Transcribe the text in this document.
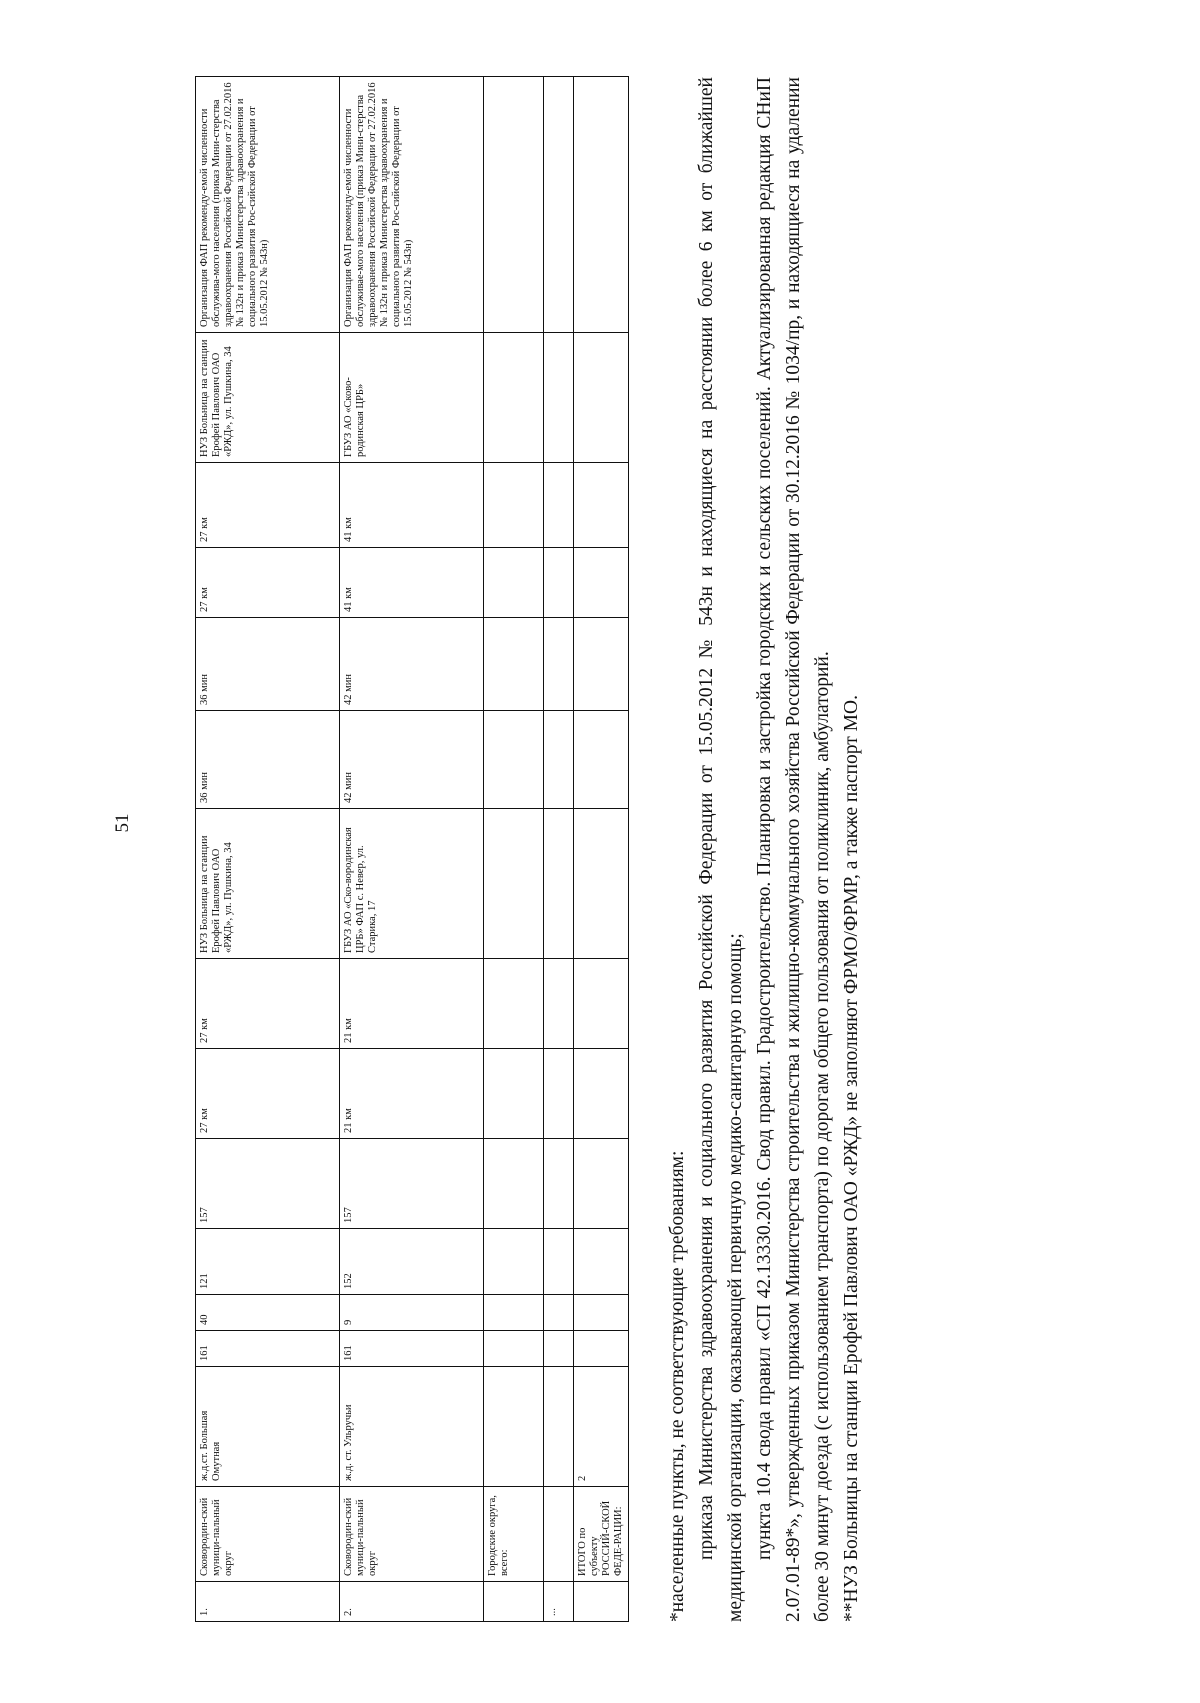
51
1.	Сковородин-ский муници-пальный округ	ж.д.ст. Большая Омутная	161	40	121	157	27 км	27 км	НУЗ Больница на станции Ерофей Павлович ОАО «РЖД», ул. Пушкина, 34	36 мин	36 мин	27 км	27 км	НУЗ Больница на станции Ерофей Павлович ОАО «РЖД», ул. Пушкина, 34	Организация ФАП рекоменду-емой численности обслужива-мого населения (приказ Мини-стерства здравоохранения Российской Федерации от 27.02.2016 № 132н и приказ Министерства здравоохранения и социального развития Рос-сийской Федерации от 15.05.2012 № 543н)
2.	Сковородин-ский муници-пальный округ	ж.д. ст. Ульручьи	161	9	152	157	21 км	21 км	ГБУЗ АО «Ско-вородинская ЦРБ» ФАП с. Невер, ул. Старика, 17	42 мин	42 мин	41 км	41 км	ГБУЗ АО «Сково-родинская ЦРБ»	Организация ФАП рекоменду-емой численности обслуживае-мого населения (приказ Мини-стерства здравоохранения Российской Федерации от 27.02.2016 № 132н и приказ Министерства здравоохранения и социального развития Рос-сийской Федерации от 15.05.2012 № 543н)
	Городские округа, всего:														
...															
	ИТОГО по субъекту РОССИЙ-СКОЙ ФЕДЕ-РАЦИИ:	2														*населенные пункты, не соответствующие требованиям: приказа Министерства здравоохранения и социального развития Российской Федерации от 15.05.2012 № 543н и находящиеся на расстоянии более 6 км от ближайшей медицинской организации, оказывающей первичную медико-санитарную помощь; пункта 10.4 свода правил «СП 42.13330.2016. Свод правил. Градостроительство. Планировка и застройка городских и сельских поселений. Актуализированная редакция СНиП 2.07.01-89*», утвержденных приказом Министерства строительства и жилищно-коммунального хозяйства Российской Федерации от 30.12.2016 № 1034/пр, и находящиеся на удалении более 30 минут доезда (с использованием транспорта) по дорогам общего пользования от поликлиник, амбулаторий. **НУЗ Больницы на станции Ерофей Павлович ОАО «РЖД» не заполняют ФРМО/ФРМР, а также паспорт МО.
